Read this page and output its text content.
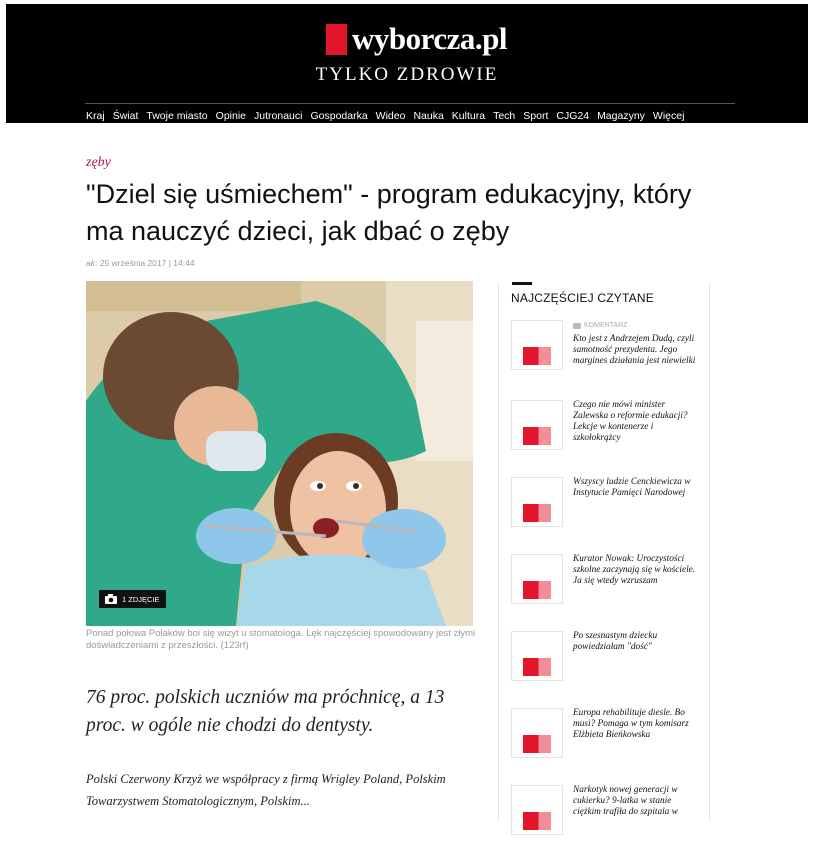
wyborcza.pl
TYLKO ZDROWIE
Kraj Świat Twoje miasto Opinie Jutronauci Gospodarka Wideo Nauka Kultura Tech Sport CJG24 Magazyny Więcej
zęby
"Dziel się uśmiechem" - program edukacyjny, który ma nauczyć dzieci, jak dbać o zęby
ak: 25 września 2017 | 14:44
1 ZDJĘCIE
Ponad połowa Polaków boi się wizyt u stomatologa. Lęk najczęściej spowodowany jest złymi doświadczeniami z przeszłości. (123rf)
76 proc. polskich uczniów ma próchnicę, a 13 proc. w ogóle nie chodzi do dentysty.
Polski Czerwony Krzyż we współpracy z firmą Wrigley Poland, Polskim Towarzystwem Stomatologicznym, Polskim...
NAJCZĘŚCIEJ CZYTANE
KOMENTARZ
Kto jest z Andrzejem Dudą, czyli samotność prezydenta. Jego margines działania jest niewielki
Czego nie mówi minister Zalewska o reformie edukacji? Lekcje w kontenerze i szkołokrążcy
Wszyscy ludzie Cenckiewicza w Instytucie Pamięci Narodowej
Kurator Nowak: Uroczystości szkolne zaczynają się w kościele. Ja się wtedy wzruszam
Po szesnastym dziecku powiedziałam "dość"
Europa rehabilituje diesle. Bo musi? Pomaga w tym komisarz Elżbieta Bieńkowska
Narkotyk nowej generacji w cukierku? 9-latka w stanie ciężkim trafiła do szpitala w
